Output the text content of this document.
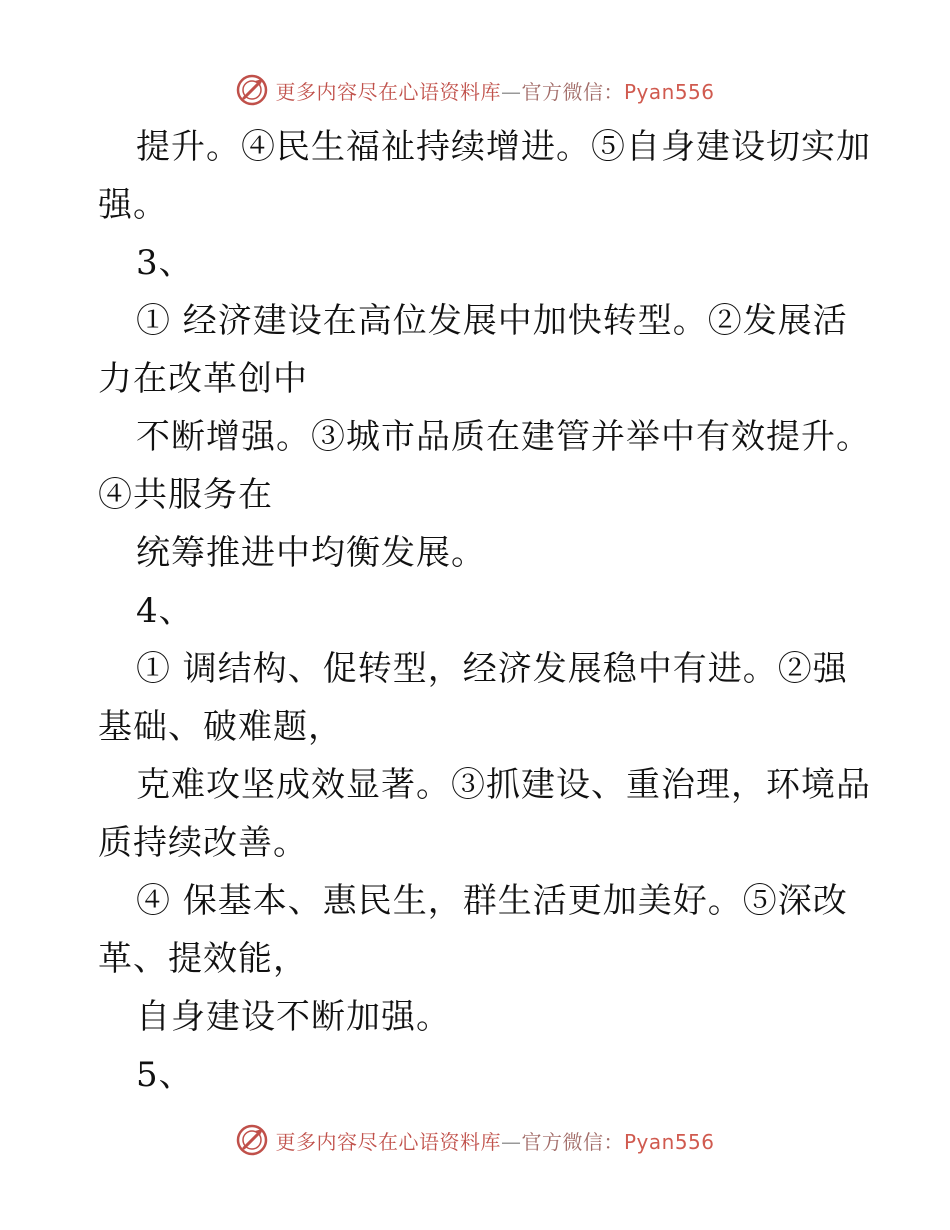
更多内容尽在心语资料库—官方微信：Pyan556
提升。④民生福祉持续增进。⑤自身建设切实加
强。
3、
① 经济建设在高位发展中加快转型。②发展活
力在改革创中
不断增强。③城市品质在建管并举中有效提升。
④共服务在
统筹推进中均衡发展。
4、
① 调结构、促转型，经济发展稳中有进。②强
基础、破难题，
克难攻坚成效显著。③抓建设、重治理，环境品
质持续改善。
④ 保基本、惠民生，群生活更加美好。⑤深改
革、提效能，
自身建设不断加强。
5、
更多内容尽在心语资料库—官方微信：Pyan556
